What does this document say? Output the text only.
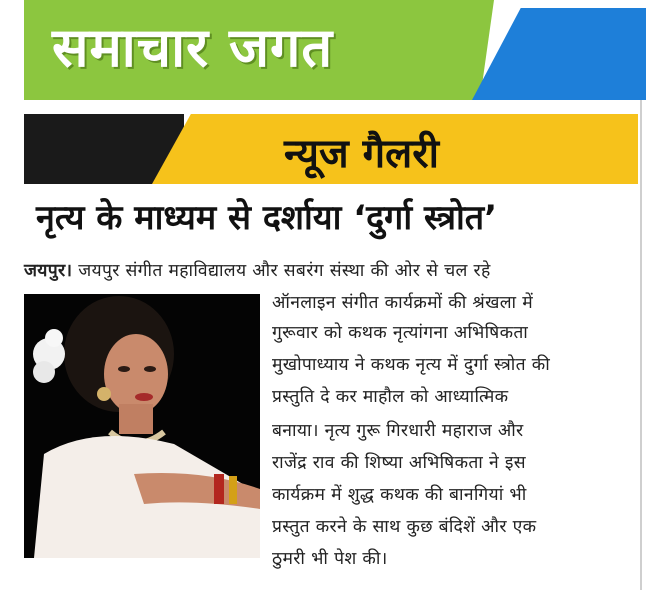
समाचार जगत
न्यूज गैलरी
नृत्य के माध्यम से दर्शाया ‘दुर्गा स्त्रोत’
जयपुर। जयपुर संगीत महाविद्यालय और सबरंग संस्था की ओर से चल रहे
ऑनलाइन संगीत कार्यक्रमों की श्रंखला में
गुरूवार को कथक नृत्यांगना अभिषिकता
मुखोपाध्याय ने कथक नृत्य में दुर्गा स्त्रोत की
प्रस्तुति दे कर माहौल को आध्यात्मिक
बनाया। नृत्य गुरू गिरधारी महाराज और
राजेंद्र राव की शिष्या अभिषिकता ने इस
कार्यक्रम में शुद्ध कथक की बानगियां भी
प्रस्तुत करने के साथ कुछ बंदिशें और एक
ठुमरी भी पेश की।
